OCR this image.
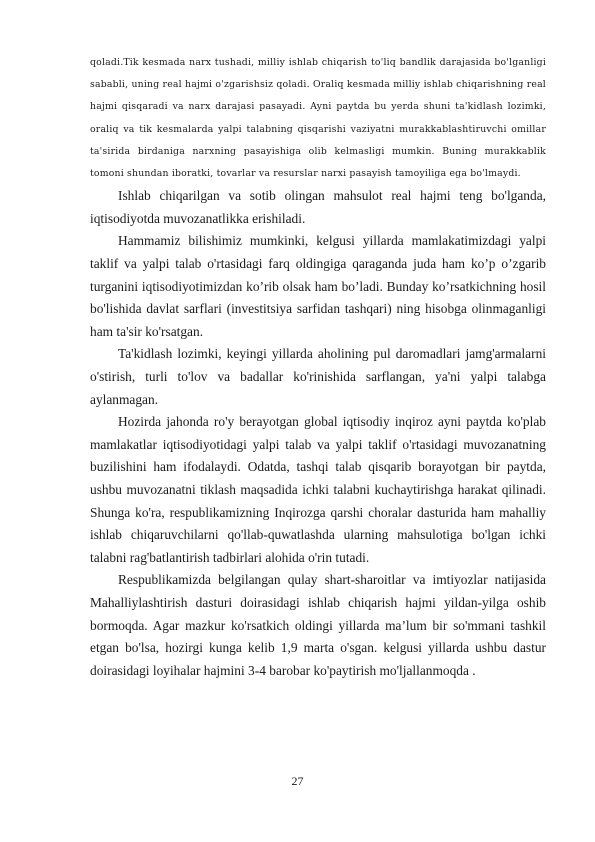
qoladi.Tik kesmada narx tushadi, milliy ishlab chiqarish to'liq bandlik darajasida bo'lganligi sababli, uning real hajmi o'zgarishsiz qoladi. Oraliq kesmada milliy ishlab chiqarishning real hajmi qisqaradi va narx darajasi pasayadi. Ayni paytda bu yerda shuni ta'kidlash lozimki, oraliq va tik kesmalarda yalpi talabning qisqarishi vaziyatni murakkablashtiruvchi omillar ta'sirida birdaniga narxning pasayishiga olib kelmasligi mumkin. Buning murakkablik tomoni shundan iboratki, tovarlar va resurslar narxi pasayish tamoyiliga ega bo'lmaydi.

Ishlab chiqarilgan va sotib olingan mahsulot real hajmi teng bo'lganda, iqtisodiyotda muvozanatlikka erishiladi.

Hammamiz bilishimiz mumkinki, kelgusi yillarda mamlakatimizdagi yalpi taklif va yalpi talab o'rtasidagi farq oldingiga qaraganda juda ham ko’p o’zgarib turganini iqtisodiyotimizdan ko’rib olsak ham bo’ladi. Bunday ko’rsatkichning hosil bo'lishida davlat sarflari (investitsiya sarfidan tashqari) ning hisobga olinmaganligi ham ta'sir ko'rsatgan.

Ta'kidlash lozimki, keyingi yillarda aholining pul daromadlari jamg'armalarni o'stirish, turli to'lov va badallar ko'rinishida sarflangan, ya'ni yalpi talabga aylanmagan.

Hozirda jahonda ro'y berayotgan global iqtisodiy inqiroz ayni paytda ko'plab mamlakatlar iqtisodiyotidagi yalpi talab va yalpi taklif o'rtasidagi muvozanatning buzilishini ham ifodalaydi. Odatda, tashqi talab qisqarib borayotgan bir paytda, ushbu muvozanatni tiklash maqsadida ichki talabni kuchaytirishga harakat qilinadi. Shunga ko'ra, respublikamizning Inqirozga qarshi choralar dasturida ham mahalliy ishlab chiqaruvchilarni qo'llab-quwatlashda ularning mahsulotiga bo'lgan ichki talabni rag'batlantirish tadbirlari alohida o'rin tutadi.

Respublikamizda belgilangan qulay shart-sharoitlar va imtiyozlar natijasida Mahalliylashtirish dasturi doirasidagi ishlab chiqarish hajmi yildan-yilga oshib bormoqda. Agar mazkur ko'rsatkich oldingi yillarda ma’lum bir so'mmani tashkil etgan bo'lsa, hozirgi kunga kelib 1,9 marta o'sgan. kelgusi yillarda ushbu dastur doirasidagi loyihalar hajmini 3-4 barobar ko'paytirish mo'ljallanmoqda .

27
